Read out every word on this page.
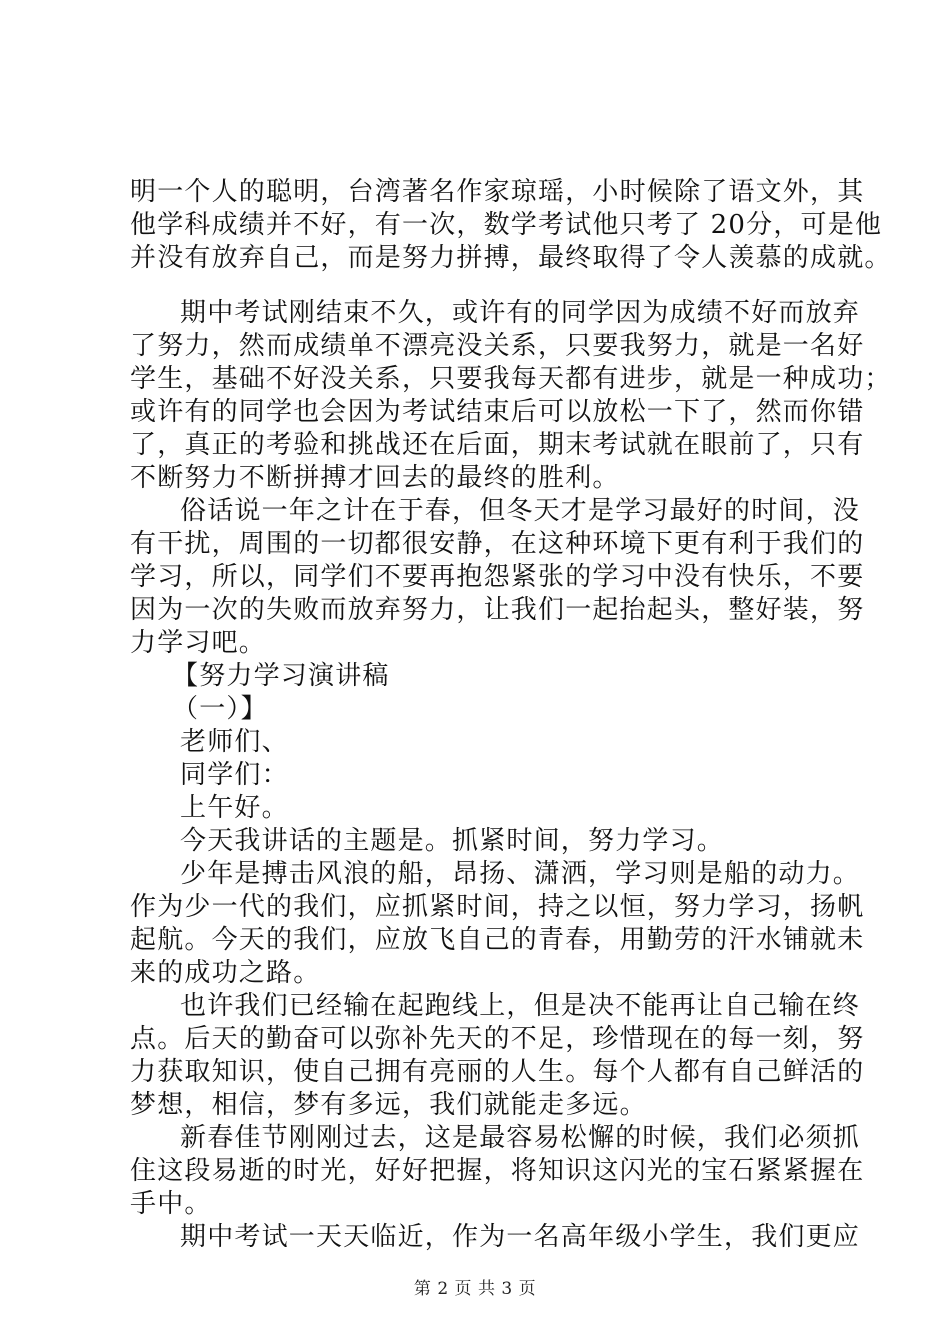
明一个人的聪明，台湾著名作家琼瑶，小时候除了语文外，其
他学科成绩并不好，有一次，数学考试他只考了 20分，可是他
并没有放弃自己，而是努力拼搏，最终取得了令人羡慕的成就。
期中考试刚结束不久，或许有的同学因为成绩不好而放弃
了努力，然而成绩单不漂亮没关系，只要我努力，就是一名好
学生，基础不好没关系，只要我每天都有进步，就是一种成功；
或许有的同学也会因为考试结束后可以放松一下了，然而你错
了，真正的考验和挑战还在后面，期末考试就在眼前了，只有
不断努力不断拼搏才回去的最终的胜利。
俗话说一年之计在于春，但冬天才是学习最好的时间，没
有干扰，周围的一切都很安静，在这种环境下更有利于我们的
学习，所以，同学们不要再抱怨紧张的学习中没有快乐，不要
因为一次的失败而放弃努力，让我们一起抬起头，整好装，努
力学习吧。
【努力学习演讲稿
（一）】
老师们、
同学们：
上午好。
今天我讲话的主题是。抓紧时间，努力学习。
少年是搏击风浪的船，昂扬、潇洒，学习则是船的动力。
作为少一代的我们，应抓紧时间，持之以恒，努力学习，扬帆
起航。今天的我们，应放飞自己的青春，用勤劳的汗水铺就未
来的成功之路。
也许我们已经输在起跑线上，但是决不能再让自己输在终
点。后天的勤奋可以弥补先天的不足，珍惜现在的每一刻，努
力获取知识，使自己拥有亮丽的人生。每个人都有自己鲜活的
梦想，相信，梦有多远，我们就能走多远。
新春佳节刚刚过去，这是最容易松懈的时候，我们必须抓
住这段易逝的时光，好好把握，将知识这闪光的宝石紧紧握在
手中。
期中考试一天天临近，作为一名高年级小学生，我们更应
第 2 页 共 3 页
